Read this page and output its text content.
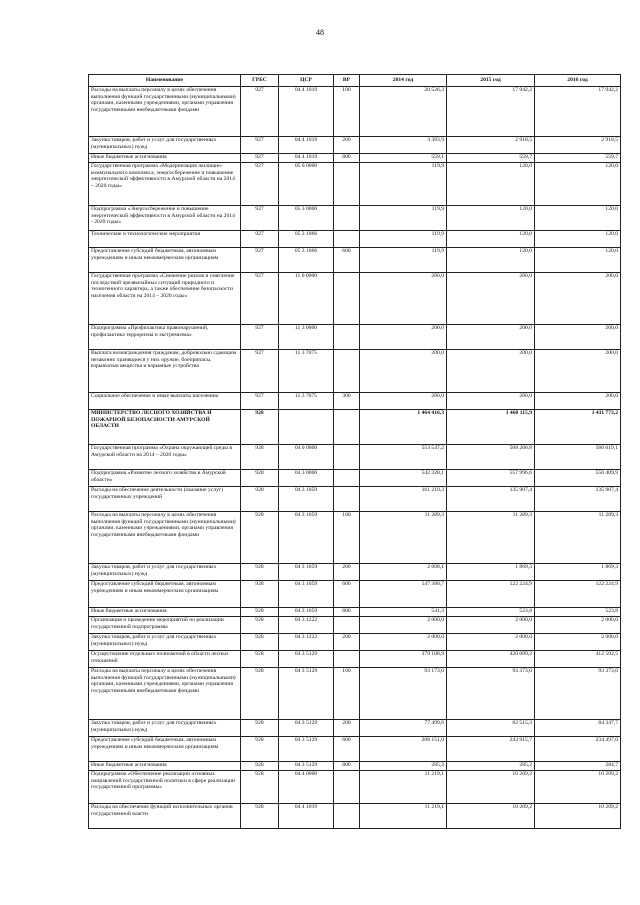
48
Наименование	ГРБС	ЦСР	ВР	2014 год	2015 год	2016 год
Расходы на выплаты персоналу в целях обеспечения выполнения функций государственными (муниципальными) органами, казенными учреждениями, органами управления государственными внебюджетными фондами	927	04 4 1019	100	20 526,3	17 942,2	17 942,2
Закупка товаров, работ и услуг для государственных (муниципальных) нужд	927	04 4 1019	200	3 393,9	2 918,5	2 918,5
Иные бюджетные ассигнования	927	04 4 1019	800	559,1	559,7	559,7
Государственная программа «Модернизация жилищно-коммунального комплекса, энергосбережение и повышение энергетической эффективности в Амурской области на 2014 – 2020 годы»	927	05 0 0000		119,9	120,0	120,0
Подпрограмма «Энергосбережение и повышение энергетической эффективности в Амурской области на 2014 - 2020 годы»	927	05 3 0000		119,9	120,0	120,0
Технические и технологические мероприятия	927	05 3 1066		119,9	120,0	120,0
Предоставление субсидий бюджетным, автономным учреждениям и иным некоммерческим организациям	927	05 3 1066	600	119,9	120,0	120,0
Государственная программа «Снижение рисков и смягчение последствий чрезвычайных ситуаций природного и техногенного характера, а также обеспечение безопасности населения области на 2014 – 2020 годы»	927	11 0 0000		200,0	200,0	200,0
Подпрограмма «Профилактика правонарушений, профилактика терроризма и экстремизма»	927	11 3 0000		200,0	200,0	200,0
Выплата вознаграждения гражданам, добровольно сдающим незаконно хранящиеся у них оружие, боеприпасы, взрывчатые вещества и взрывные устройства	927	11 3 7075		200,0	200,0	200,0
Социальное обеспечение и иные выплаты населению	927	11 3 7075	300	200,0	200,0	200,0
МИНИСТЕРСТВО ЛЕСНОГО ХОЗЯЙСТВА И ПОЖАРНОЙ БЕЗОПАСНОСТИ АМУРСКОЙ ОБЛАСТИ	928			1 464 416,3	1 460 115,9	1 411 773,2
Государственная программа «Охрана окружающей среды в Амурской области на 2014 – 2020 годы»	928	04 0 0000		553 547,2	568 206,8	560 619,1
Подпрограмма «Развитие лесного хозяйства в Амурской области»	928	04 3 0000		542 328,1	557 996,6	550 409,9
Расходы на обеспечение деятельности (оказание услуг) государственных учреждений	928	04 3 1059		161 210,3	135 907,4	135 907,4
Расходы на выплаты персоналу в целях обеспечения выполнения функций государственными (муниципальными) органами, казенными учреждениями, органами управления государственными внебюджетными фондами	928	04 3 1059	100	11 289,3	11 289,3	11 289,3
Закупка товаров, работ и услуг для государственных (муниципальных) нужд	928	04 3 1059	200	2 008,1	1 869,3	1 869,3
Предоставление субсидий бюджетным, автономным учреждениям и иным некоммерческим организациям	928	04 3 1059	600	147 380,7	122 224,9	122 224,9
Иные бюджетные ассигнования	928	04 3 1059	800	541,3	523,8	523,8
Организация и проведение мероприятий по реализации государственной подпрограммы	928	04 3 1222		2 000,0	2 000,0	2 000,0
Закупка товаров, работ и услуг для государственных (муниципальных) нужд	928	04 3 1222	200	2 000,0	2 000,0	2 000,0
Осуществление отдельных полномочий в области лесных отношений	928	04 3 5129		379 108,9	420 089,2	412 502,5
Расходы на выплаты персоналу в целях обеспечения выполнения функций государственными (муниципальными) органами, казенными учреждениями, органами управления государственными внебюджетными фондами	928	04 3 5129	100	93 173,0	93 373,0	93 373,0
Закупка товаров, работ и услуг для государственных (муниципальных) нужд	928	04 3 5129	200	77 499,6	82 515,3	84 347,7
Предоставление субсидий бюджетным, автономным учреждениям и иным некоммерческим организациям	928	04 3 5129	600	208 151,0	243 915,7	234 497,0
Иные бюджетные ассигнования	928	04 3 5129	800	285,3	285,2	284,7
Подпрограмма «Обеспечение реализации основных направлений государственной политики в сфере реализации государственной программы»	928	04 4 0000		11 219,1	10 209,2	10 209,2
Расходы на обеспечение функций исполнительных органов государственной власти	928	04 4 1019		11 219,1	10 209,2	10 209,2
